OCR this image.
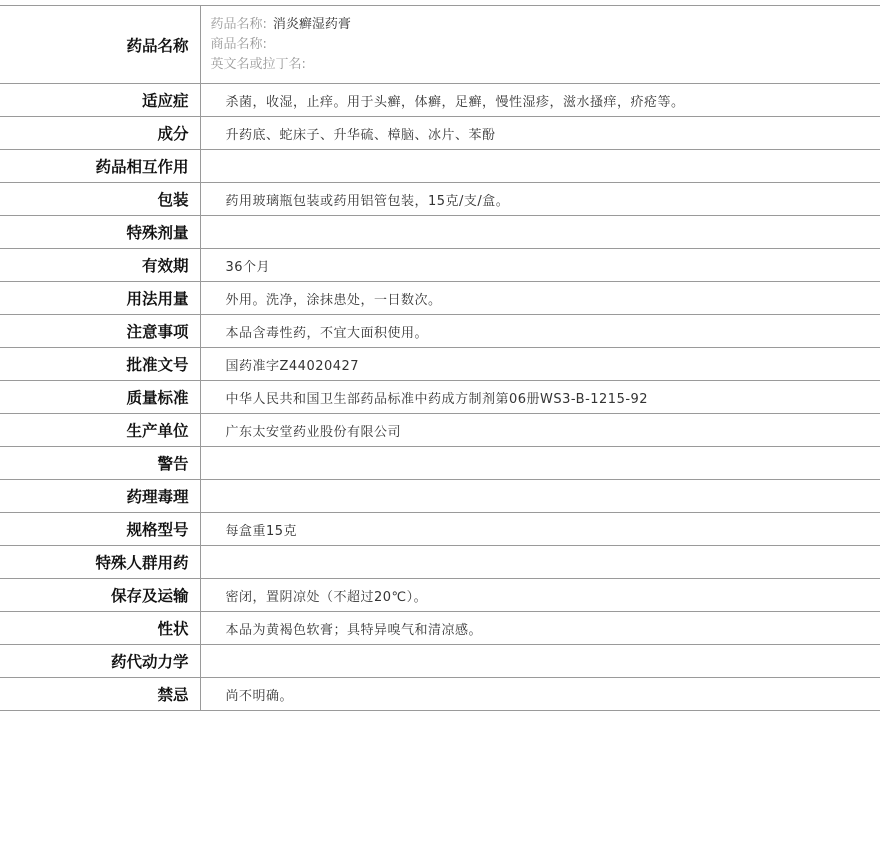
药品名称	药品名称: 消炎癣湿药膏
商品名称:
英文名或拉丁名:

适应症	杀菌，收湿，止痒。用于头癣，体癣，足癣，慢性湿疹，滋水搔痒，疥疮等。
成分	升药底、蛇床子、升华硫、樟脑、冰片、苯酚
药品相互作用	
包装	药用玻璃瓶包装或药用铝管包装，15克/支/盒。
特殊剂量	
有效期	36个月
用法用量	外用。洗净，涂抹患处，一日数次。
注意事项	本品含毒性药，不宜大面积使用。
批准文号	国药准字Z44020427
质量标准	中华人民共和国卫生部药品标准中药成方制剂第06册WS3-B-1215-92
生产单位	广东太安堂药业股份有限公司
警告	
药理毒理	
规格型号	每盒重15克
特殊人群用药	
保存及运输	密闭，置阴凉处（不超过20℃）。
性状	本品为黄褐色软膏；具特异嗅气和清凉感。
药代动力学	
禁忌	尚不明确。
